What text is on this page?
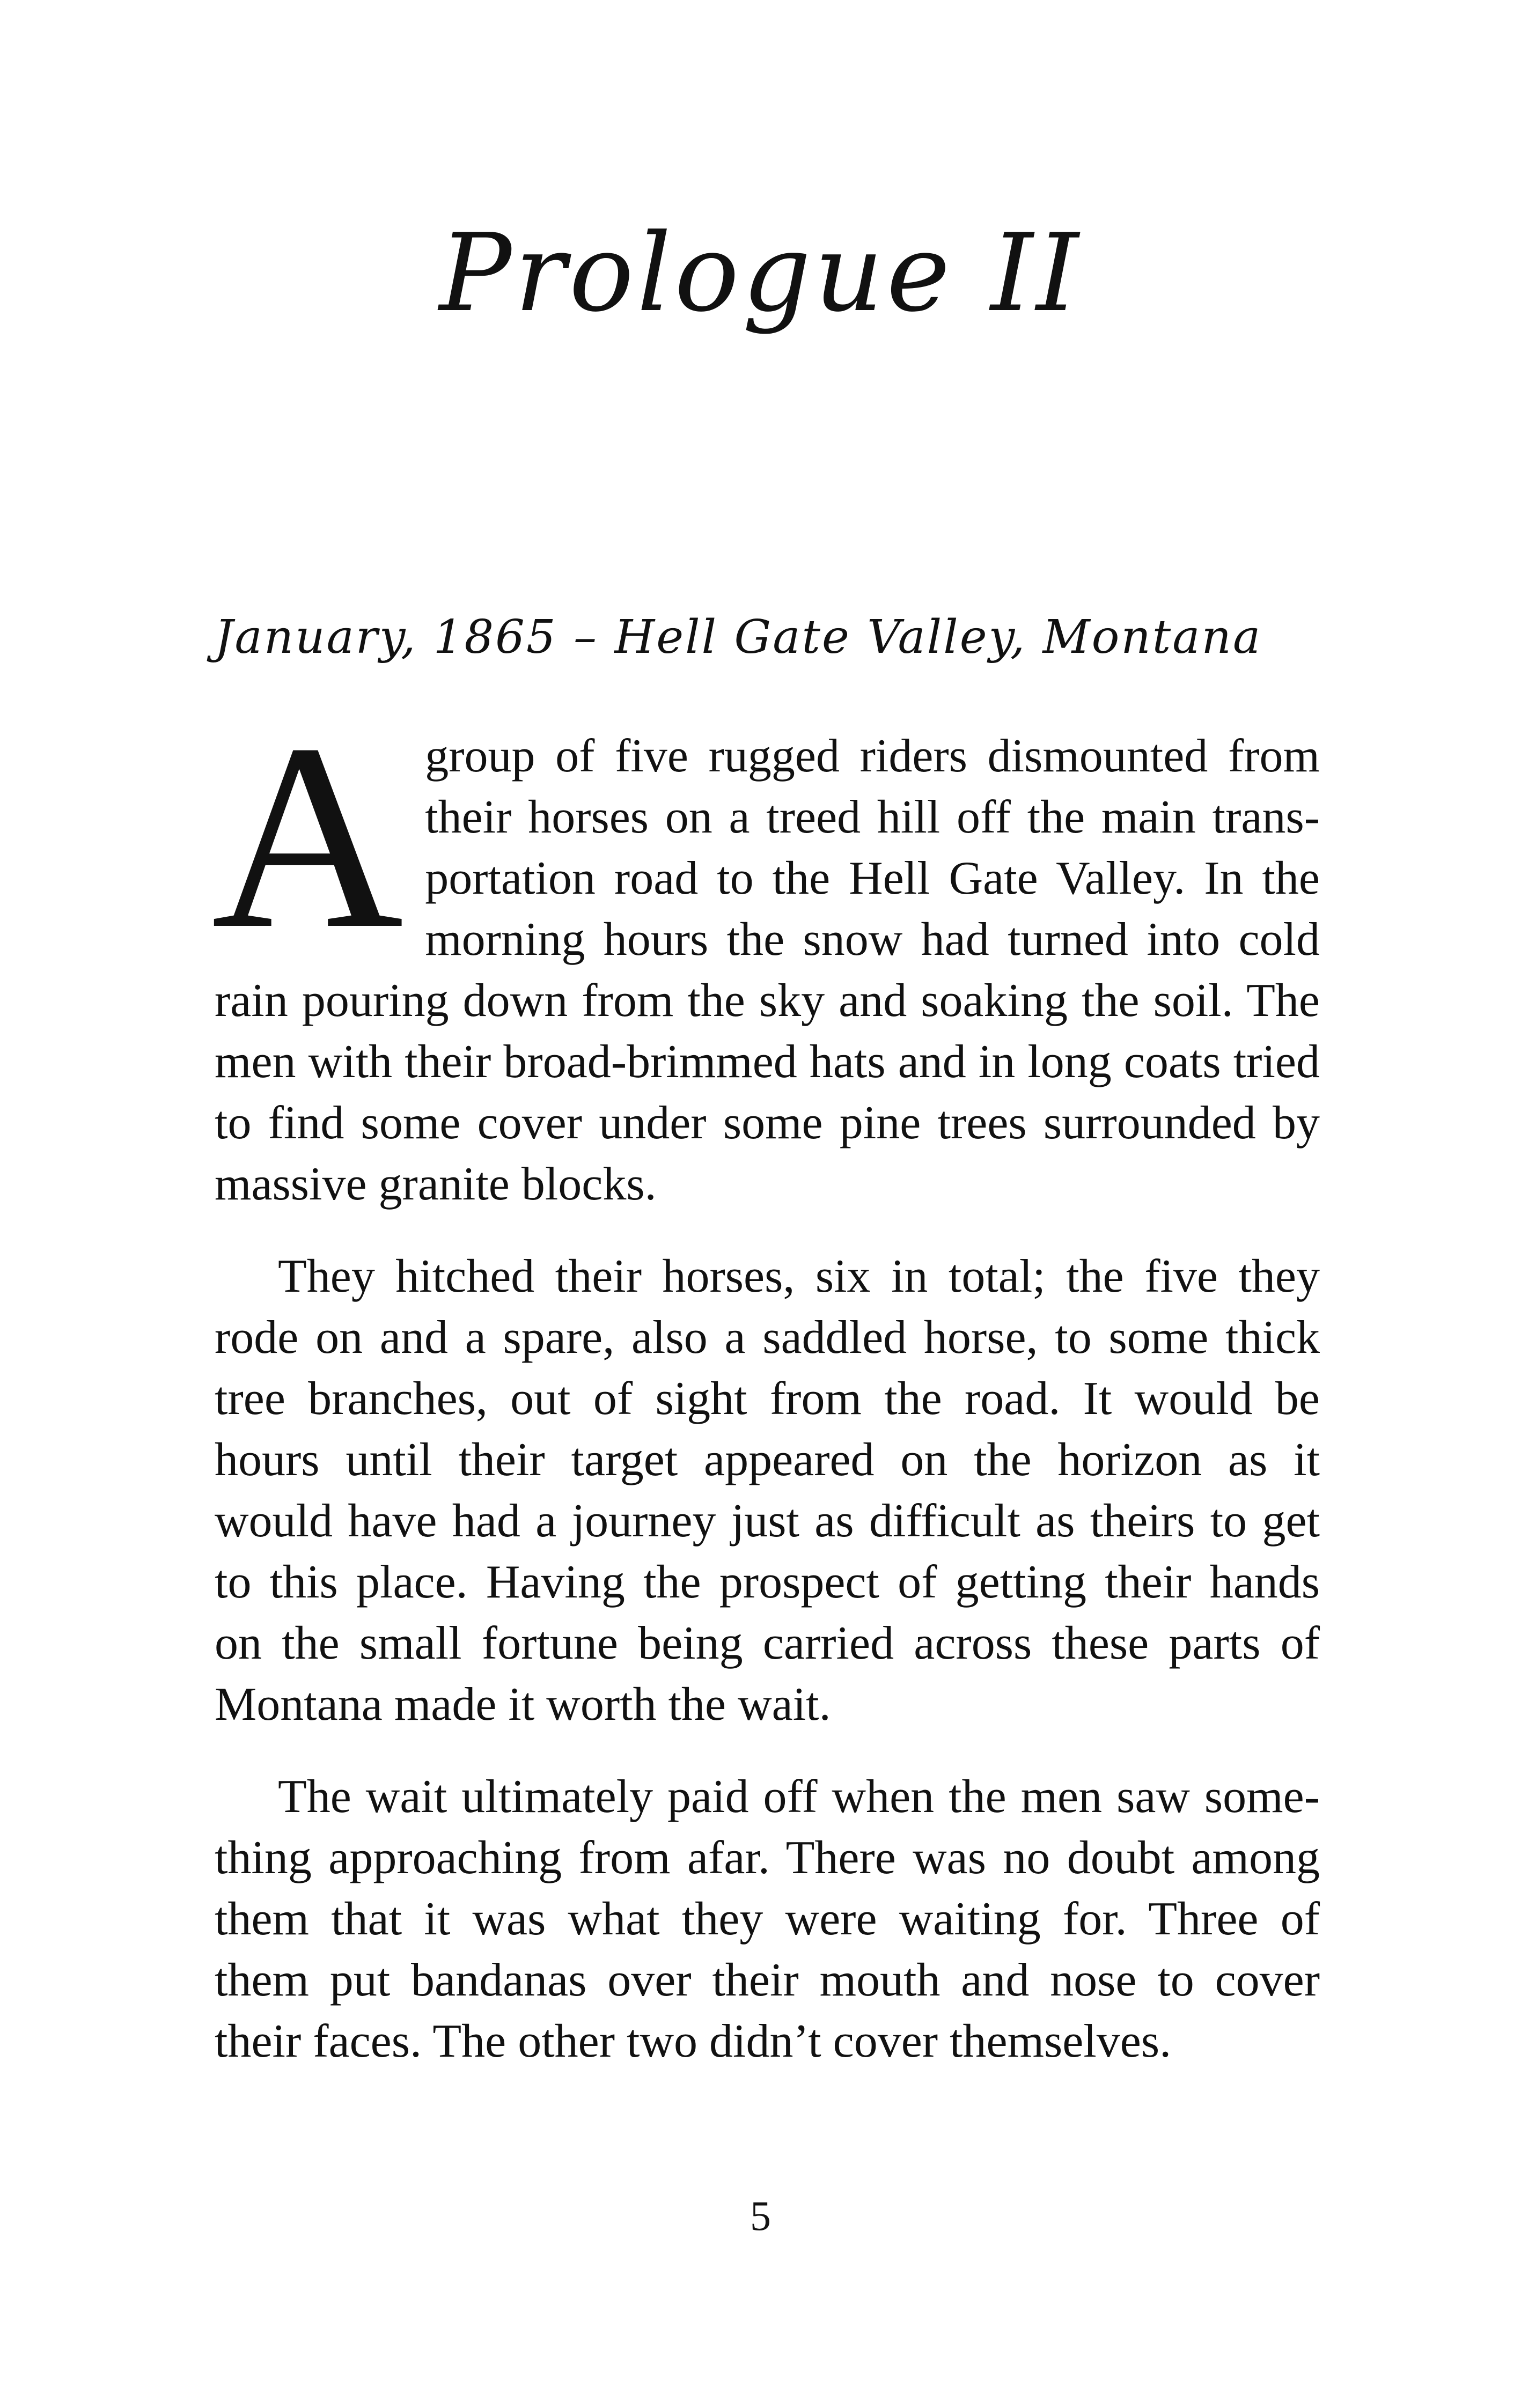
Prologue II
January, 1865 – Hell Gate Valley, Montana

A group of five rugged riders dismounted from their horses on a treed hill off the main transportation road to the Hell Gate Valley. In the morning hours the snow had turned into cold rain pouring down from the sky and soaking the soil. The men with their broad-brimmed hats and in long coats tried to find some cover under some pine trees surrounded by massive granite blocks.

They hitched their horses, six in total; the five they rode on and a spare, also a saddled horse, to some thick tree branches, out of sight from the road. It would be hours until their target appeared on the horizon as it would have had a journey just as difficult as theirs to get to this place. Having the prospect of getting their hands on the small fortune being carried across these parts of Montana made it worth the wait.

The wait ultimately paid off when the men saw something approaching from afar. There was no doubt among them that it was what they were waiting for. Three of them put bandanas over their mouth and nose to cover their faces. The other two didn’t cover themselves.

5
